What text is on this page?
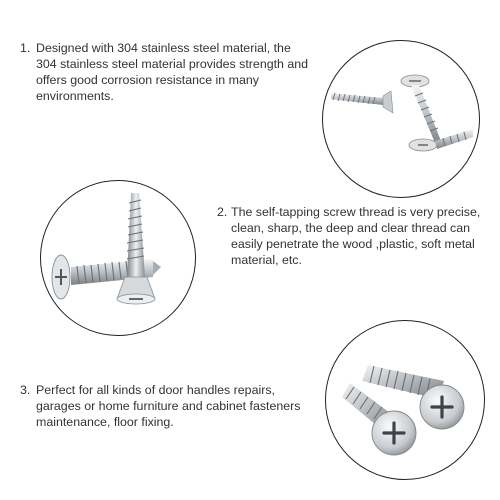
1. Designed with 304 stainless steel material, the 304 stainless steel material provides strength and offers good corrosion resistance in many environments.
2. The self-tapping screw thread is very precise, clean, sharp, the deep and clear thread can easily penetrate the wood ,plastic, soft metal material, etc.
3. Perfect for all kinds of door handles repairs, garages or home furniture and cabinet fasteners maintenance, floor fixing.
